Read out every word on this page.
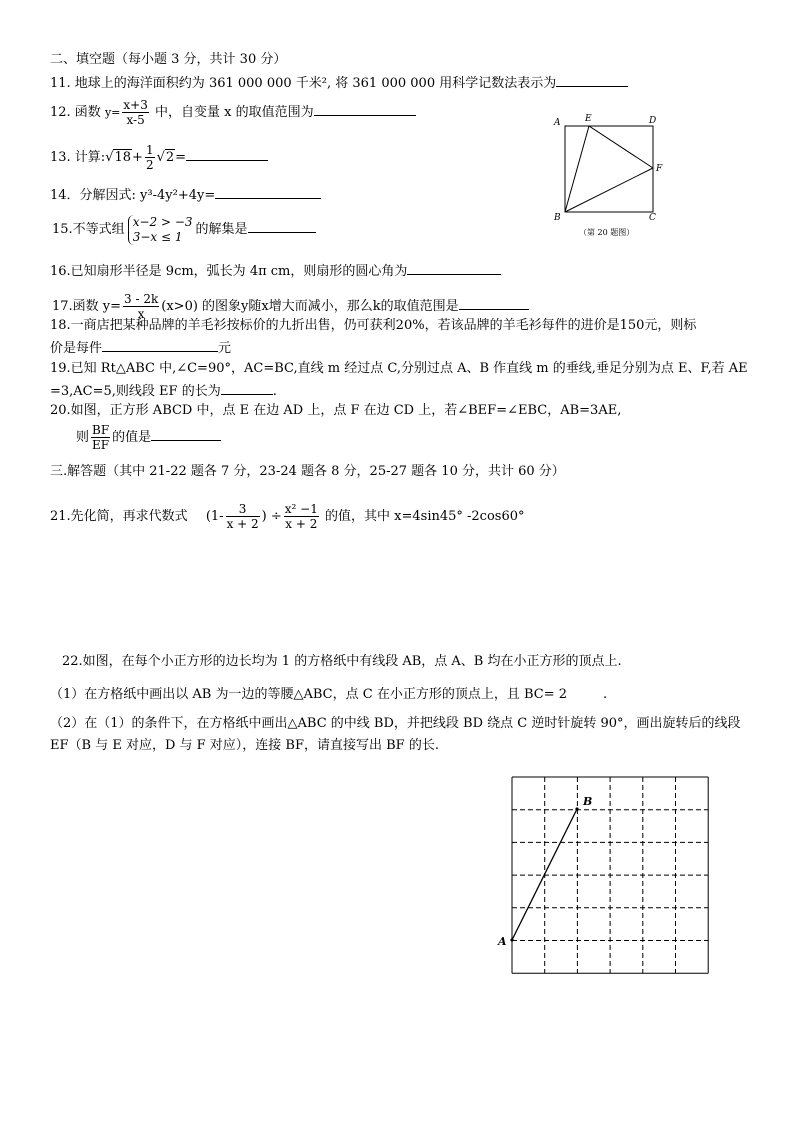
二、填空题（每小题 3 分，共计 30 分）
11. 地球上的海洋面积约为 361 000 000 千米², 将 361 000 000 用科学记数法表示为
12. 函数 $y= \frac{x+3}{x-5}$ 中，自变量 x 的取值范围为
13. 计算:√18+ $\frac{1}{2} √2=$
14．分解因式: y³-4y²+4y=
15.不等式组
x−2 > −3
3−x ≤ 1	的解集是
16.已知扇形半径是 9cm，弧长为 4π cm，则扇形的圆心角为
17.函数 $y= \frac{3 - 2k}{x} (x>0)$ 的图象y随x增大而减小，那么k的取值范围是
18.一商店把某种品牌的羊毛衫按标价的九折出售，仍可获利20%，若该品牌的羊毛衫每件的进价是150元，则标
价是每件	元
19.已知 Rt△ABC 中,∠C=90°，AC=BC,直线 m 经过点 C,分别过点 A、B 作直线 m 的垂线,垂足分别为点 E、F,若 AE
=3,AC=5,则线段 EF 的长为	.
20.如图，正方形 ABCD 中，点 E 在边 AD 上，点 F 在边 CD 上，若∠BEF=∠EBC，AB=3AE,
则 $\frac{BF}{EF}$ 的值是
三.解答题（其中 21-22 题各 7 分，23-24 题各 8 分，25-27 题各 10 分，共计 60 分）
21.先化简，再求代数式 ($1- \frac{3}{x + 2}$ ) ÷ $\frac{\text{x² −1}}{x + 2}$ 的值，其中 x=4sin45° -2cos60°
22.如图，在每个小正方形的边长均为 1 的方格纸中有线段 AB，点 A、B 均在小正方形的顶点上.
（1）在方格纸中画出以 AB 为一边的等腰△ABC，点 C 在小正方形的顶点上，且 BC= 2	.
（2）在（1）的条件下，在方格纸中画出△ABC 的中线 BD，并把线段 BD 绕点 C 逆时针旋转 90°，画出旋转后的线段
EF（B 与 E 对应，D 与 F 对应），连接 BF，请直接写出 BF 的长.
A	E	D
F
B	C
（第 20 题图）
A
B
